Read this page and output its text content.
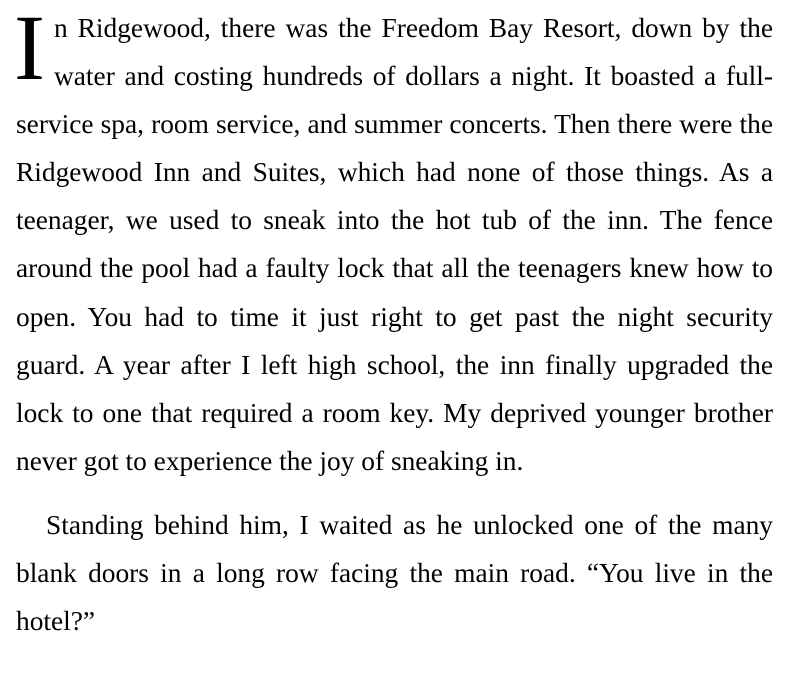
I n Ridgewood, there was the Freedom Bay Resort, down by the water and costing hundreds of dollars a night. It boasted a full-service spa, room service, and summer concerts. Then there were the Ridgewood Inn and Suites, which had none of those things. As a teenager, we used to sneak into the hot tub of the inn. The fence around the pool had a faulty lock that all the teenagers knew how to open. You had to time it just right to get past the night security guard. A year after I left high school, the inn finally upgraded the lock to one that required a room key. My deprived younger brother never got to experience the joy of sneaking in.

Standing behind him, I waited as he unlocked one of the many blank doors in a long row facing the main road. “You live in the hotel?”
